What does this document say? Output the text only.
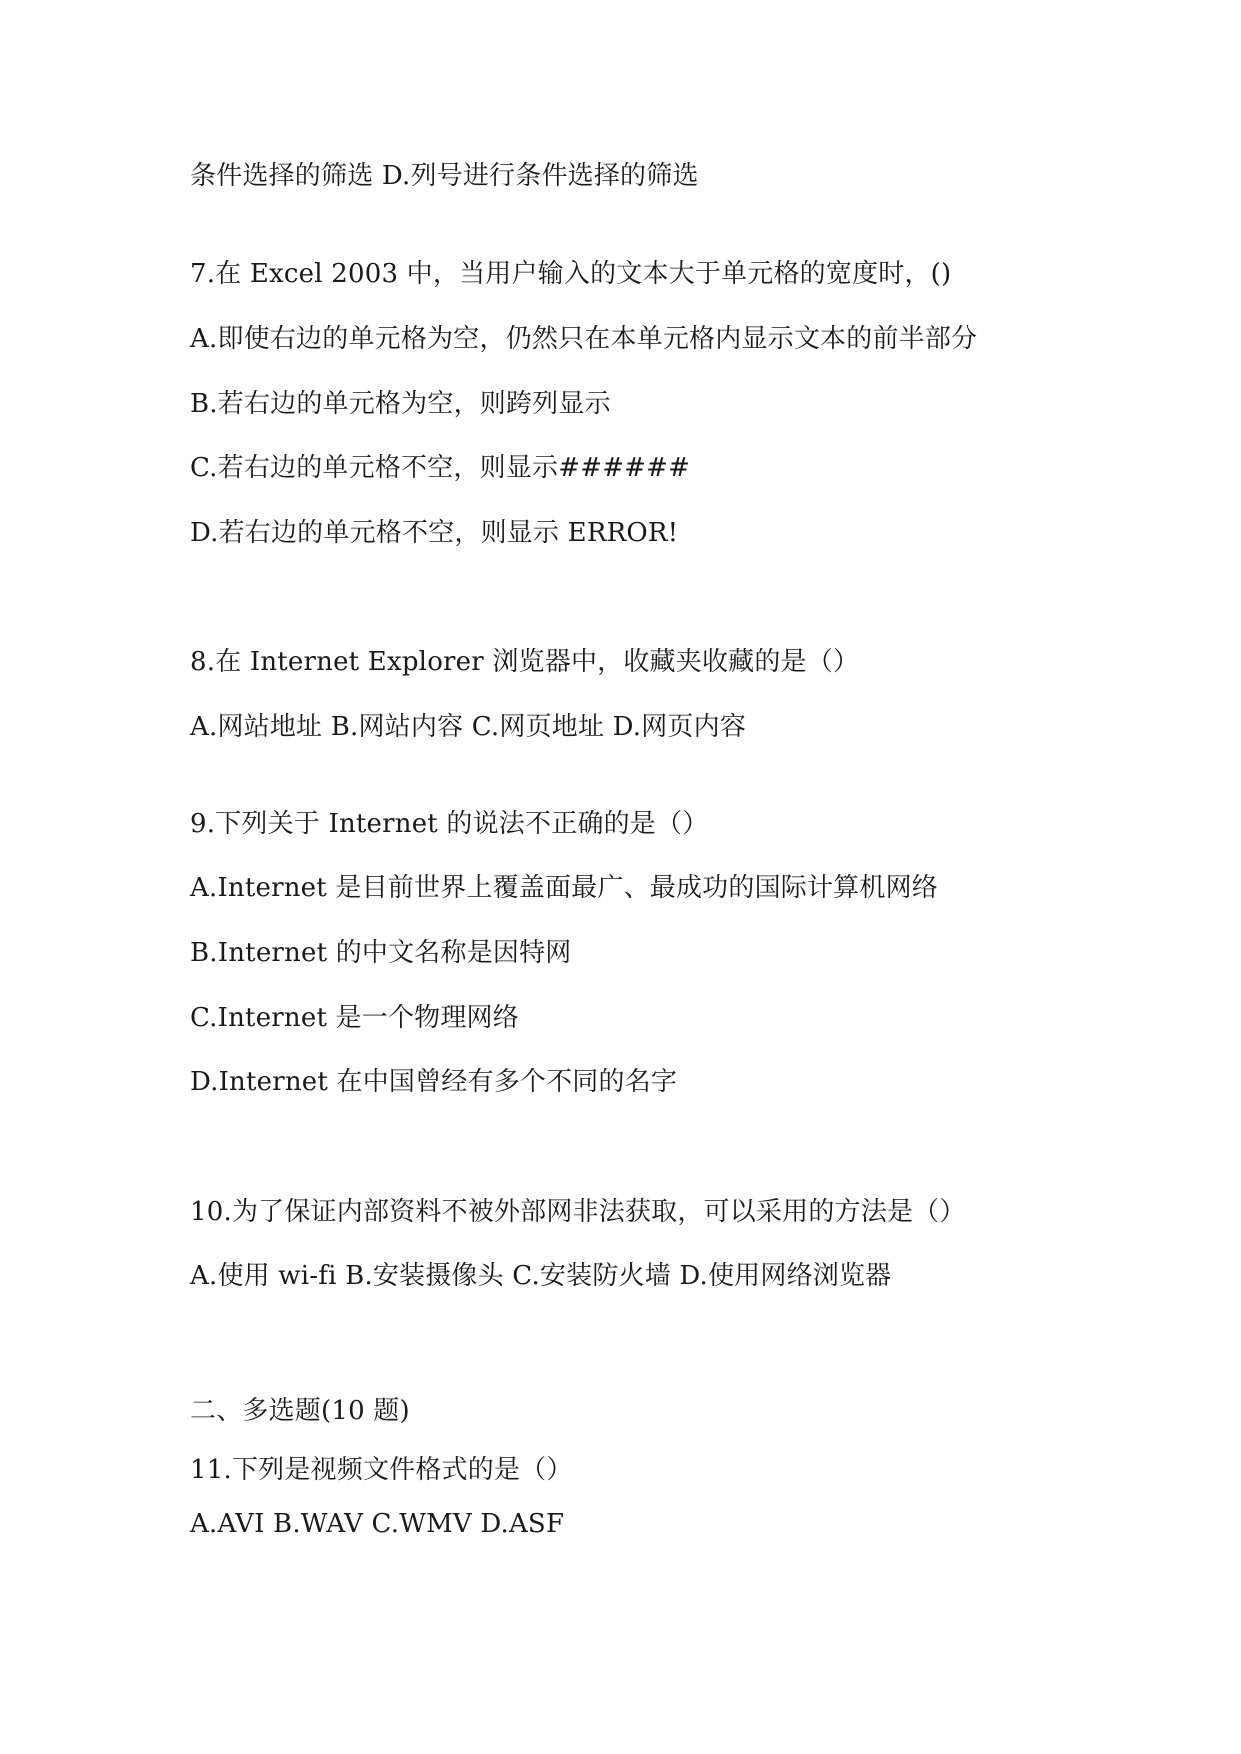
条件选择的筛选 D.列号进行条件选择的筛选
7.在 Excel 2003 中，当用户输入的文本大于单元格的宽度时，()
A.即使右边的单元格为空，仍然只在本单元格内显示文本的前半部分
B.若右边的单元格为空，则跨列显示
C.若右边的单元格不空，则显示######
D.若右边的单元格不空，则显示 ERROR!
8.在 Internet Explorer 浏览器中，收藏夹收藏的是（）
A.网站地址 B.网站内容 C.网页地址 D.网页内容
9.下列关于 Internet 的说法不正确的是（）
A.Internet 是目前世界上覆盖面最广、最成功的国际计算机网络
B.Internet 的中文名称是因特网
C.Internet 是一个物理网络
D.Internet 在中国曾经有多个不同的名字
10.为了保证内部资料不被外部网非法获取，可以采用的方法是（）
A.使用 wi-fi B.安装摄像头 C.安装防火墙 D.使用网络浏览器
二、多选题(10 题)
11.下列是视频文件格式的是（）
A.AVI B.WAV C.WMV D.ASF
